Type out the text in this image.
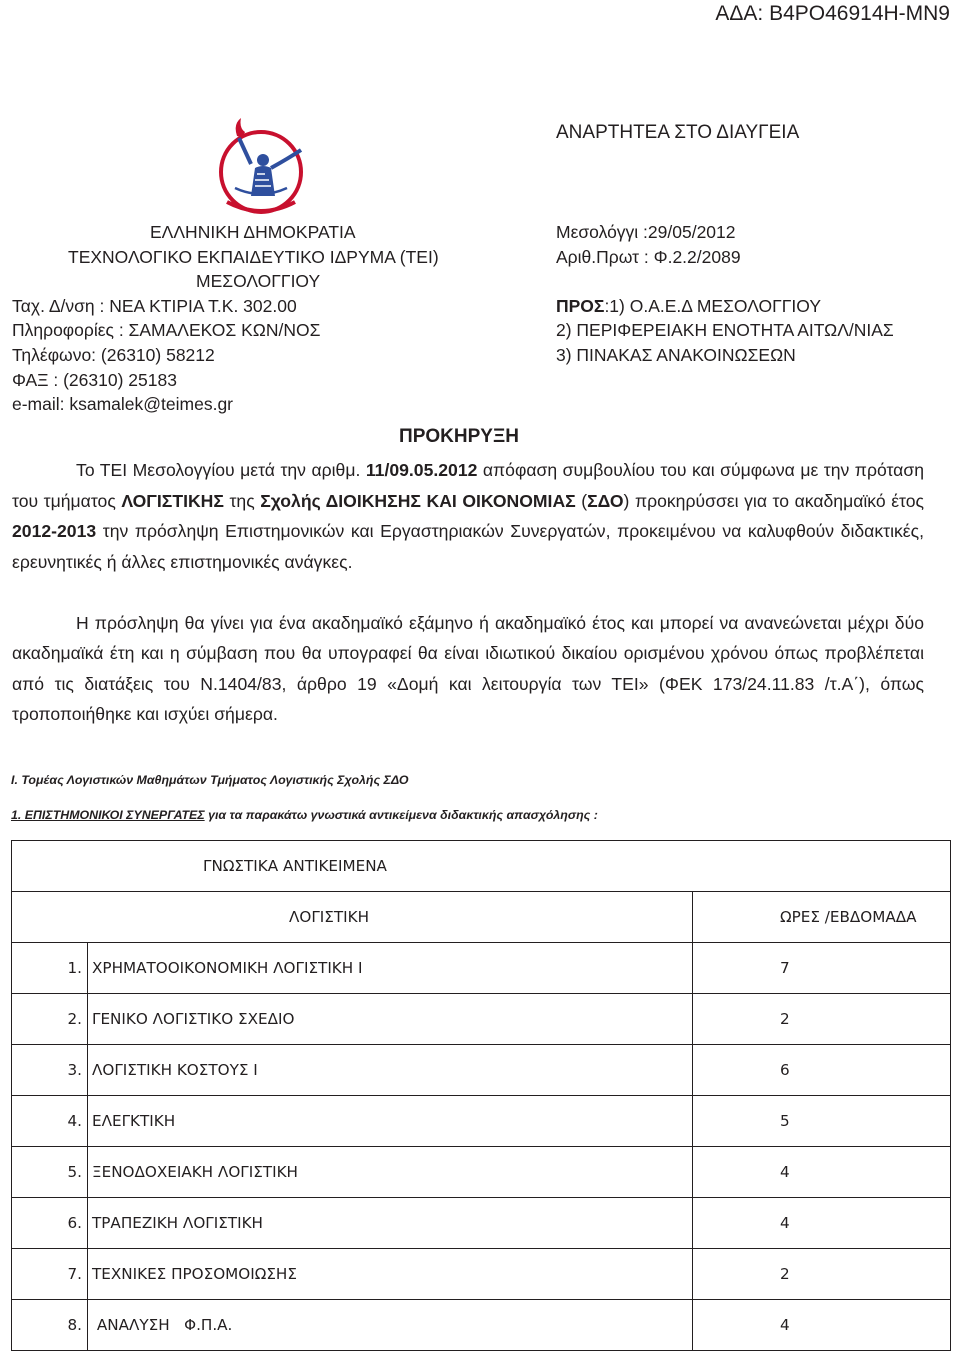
ΑΔΑ: Β4ΡΟ46914Η-ΜΝ9
ΑΝΑΡΤΗΤΕΑ ΣΤΟ ΔΙΑΥΓΕΙΑ
ΕΛΛΗΝΙΚΗ ΔΗΜΟΚΡΑΤΙΑ
ΤΕΧΝΟΛΟΓΙΚΟ ΕΚΠΑΙΔΕΥΤΙΚΟ ΙΔΡΥΜΑ (ΤΕΙ)
ΜΕΣΟΛΟΓΓΙΟΥ
Ταχ. Δ/νση : ΝΕΑ ΚΤΙΡΙΑ Τ.Κ. 302.00
Πληροφορίες : ΣΑΜΑΛΕΚΟΣ ΚΩΝ/ΝΟΣ
Τηλέφωνο: (26310) 58212
ΦΑΞ : (26310) 25183
e-mail: ksamalek@teimes.gr
Μεσολόγγι :29/05/2012
Αριθ.Πρωτ : Φ.2.2/2089
ΠΡΟΣ:1) Ο.Α.Ε.Δ ΜΕΣΟΛΟΓΓΙΟΥ
2) ΠΕΡΙΦΕΡΕΙΑΚΗ ΕΝΟΤΗΤΑ ΑΙΤΩΛ/ΝΙΑΣ
3) ΠΙΝΑΚΑΣ ΑΝΑΚΟΙΝΩΣΕΩΝ
ΠΡΟΚΗΡΥΞΗ

Το ΤΕΙ Μεσολογγίου μετά την αριθμ. 11/09.05.2012 απόφαση συμβουλίου του και σύμφωνα με την πρόταση του τμήματος ΛΟΓΙΣΤΙΚΗΣ της Σχολής ΔΙΟΙΚΗΣΗΣ ΚΑΙ ΟΙΚΟΝΟΜΙΑΣ (ΣΔΟ) προκηρύσσει για το ακαδημαϊκό έτος 2012-2013 την πρόσληψη Επιστημονικών και Εργαστηριακών Συνεργατών, προκειμένου να καλυφθούν διδακτικές, ερευνητικές ή άλλες επιστημονικές ανάγκες.

Η πρόσληψη θα γίνει για ένα ακαδημαϊκό εξάμηνο ή ακαδημαϊκό έτος και μπορεί να ανανεώνεται μέχρι δύο ακαδημαϊκά έτη και η σύμβαση που θα υπογραφεί θα είναι ιδιωτικού δικαίου ορισμένου χρόνου όπως προβλέπεται από τις διατάξεις του Ν.1404/83, άρθρο 19 «Δομή και λειτουργία των ΤΕΙ» (ΦΕΚ 173/24.11.83 /τ.Α΄), όπως τροποποιήθηκε και ισχύει σήμερα.

Ι. Τομέας Λογιστικών Μαθημάτων Τμήματος Λογιστικής Σχολής ΣΔΟ
1. ΕΠΙΣΤΗΜΟΝΙΚΟΙ ΣΥΝΕΡΓΑΤΕΣ για τα παρακάτω γνωστικά αντικείμενα διδακτικής απασχόλησης :
ΓΝΩΣΤΙΚΑ ΑΝΤΙΚΕΙΜΕΝΑ		
ΛΟΓΙΣΤΙΚΗ		ΩΡΕΣ /ΕΒΔΟΜΑΔΑ
1.	ΧΡΗΜΑΤΟΟΙΚΟΝΟΜΙΚΗ ΛΟΓΙΣΤΙΚΗ Ι	7
2.	ΓΕΝΙΚΟ ΛΟΓΙΣΤΙΚΟ ΣΧΕΔΙΟ	2
3.	ΛΟΓΙΣΤΙΚΗ ΚΟΣΤΟΥΣ Ι	6
4.	ΕΛΕΓΚΤΙΚΗ	5
5.	ΞΕΝΟΔΟΧΕΙΑΚΗ ΛΟΓΙΣΤΙΚΗ	4
6.	ΤΡΑΠΕΖΙΚΗ ΛΟΓΙΣΤΙΚΗ	4
7.	ΤΕΧΝΙΚΕΣ ΠΡΟΣΟΜΟΙΩΣΗΣ	2
8.	ΑΝΑΛΥΣΗ   Φ.Π.Α.	4
